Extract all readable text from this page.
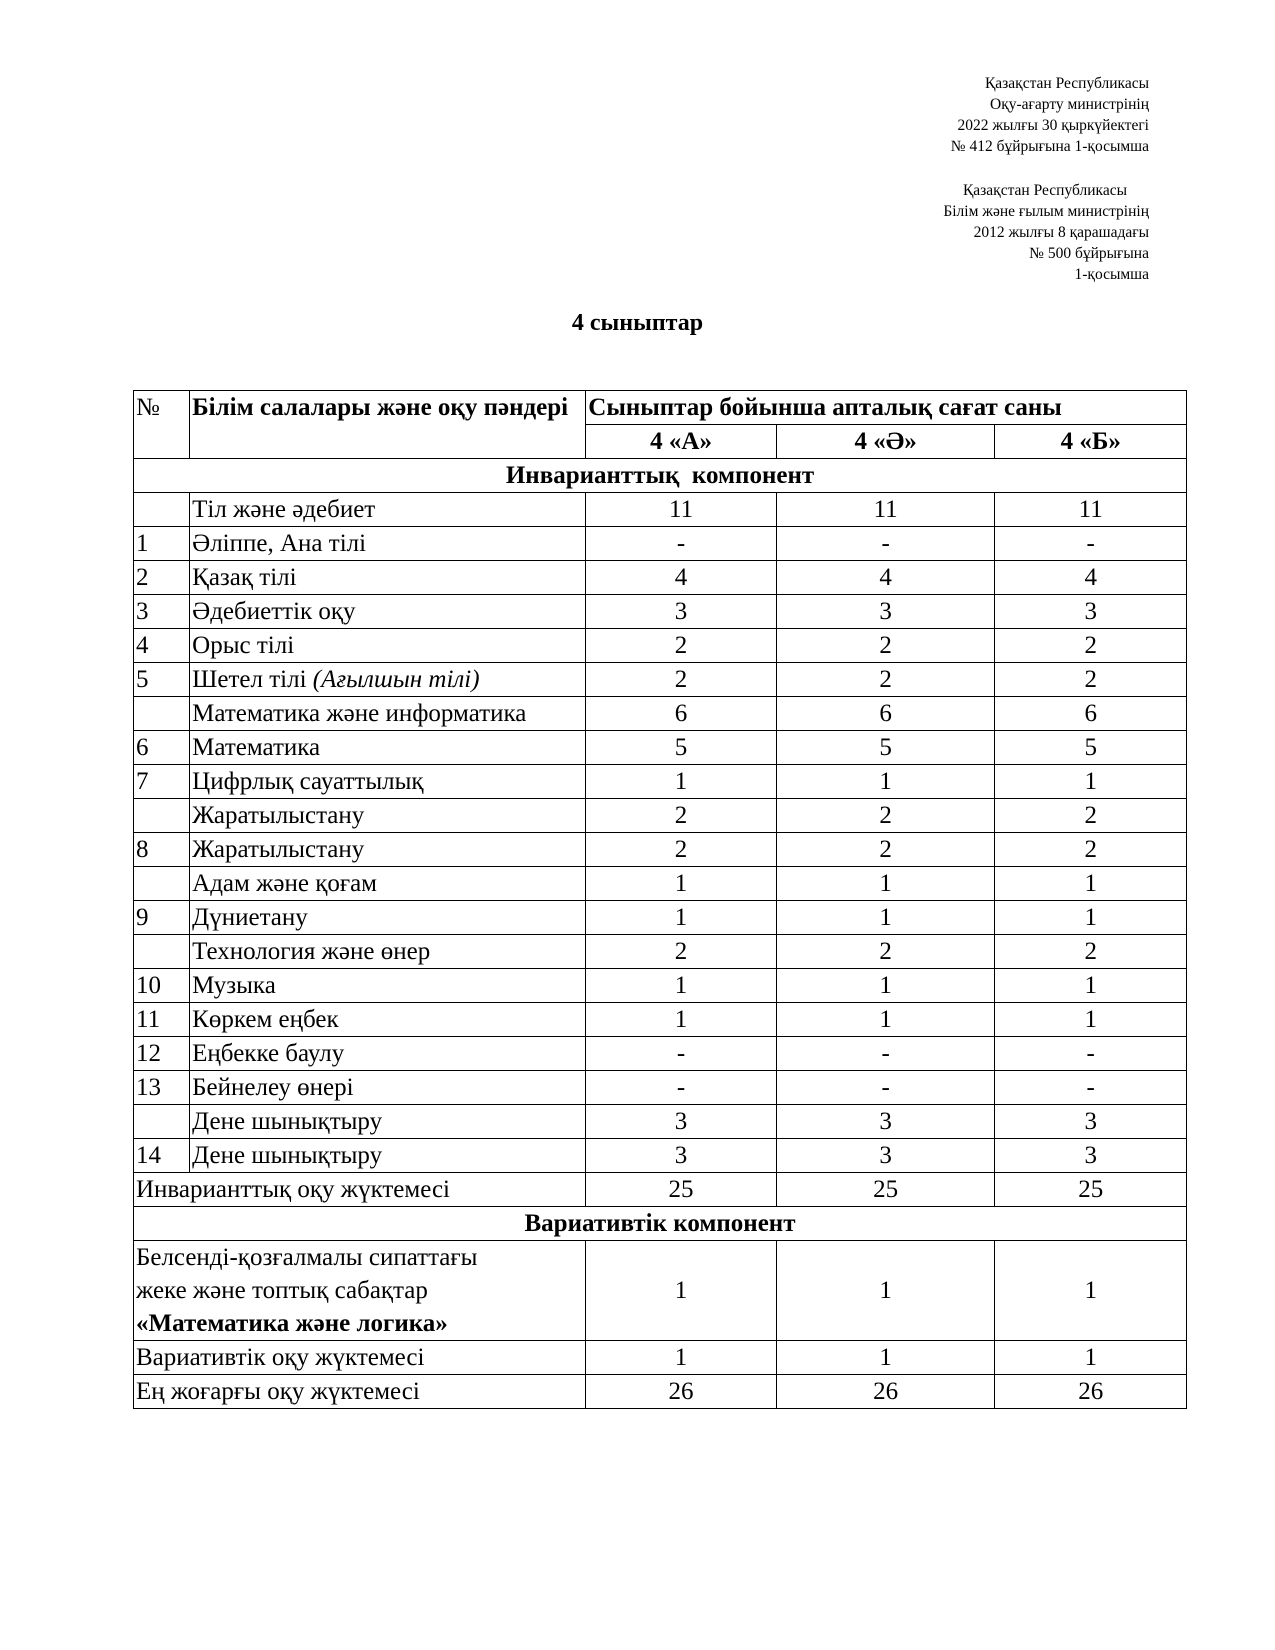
Қазақстан Республикасы
Оқу-ағарту министрінің
2022 жылғы 30 қыркүйектегі
№ 412 бұйрығына 1-қосымша
Қазақстан Республикасы
Білім және ғылым министрінің
2012 жылғы 8 қарашадағы
№ 500 бұйрығына
1-қосымша
4 сыныптар
№	Білім салалары және оқу пәндері	Сыныптар бойынша апталық сағат саны		
		4 «А»	4 «Ә»	4 «Б»
Инварианттық  компонент				
	Тіл және әдебиет	11	11	11
1	Әліппе, Ана тілі	-	-	-
2	Қазақ тілі	4	4	4
3	Әдебиеттік оқу	3	3	3
4	Орыс тілі	2	2	2
5	Шетел тілі (Ағылшын тілі)	2	2	2
	Математика және информатика	6	6	6
6	Математика	5	5	5
7	Цифрлық сауаттылық	1	1	1
	Жаратылыстану	2	2	2
8	Жаратылыстану	2	2	2
	Адам және қоғам	1	1	1
9	Дүниетану	1	1	1
	Технология және өнер	2	2	2
10	Музыка	1	1	1
11	Көркем еңбек	1	1	1
12	Еңбекке баулу	-	-	-
13	Бейнелеу өнері	-	-	-
	Дене шынықтыру	3	3	3
14	Дене шынықтыру	3	3	3
Инварианттық оқу жүктемесі		25	25	25
Вариативтік компонент				

Белсенді-қозғалмалы сипаттағы
жеке және топтық сабақтар
«Математика және логика»		1	1	1
Вариативтік оқу жүктемесі		1	1	1
Ең жоғарғы оқу жүктемесі		26	26	26
